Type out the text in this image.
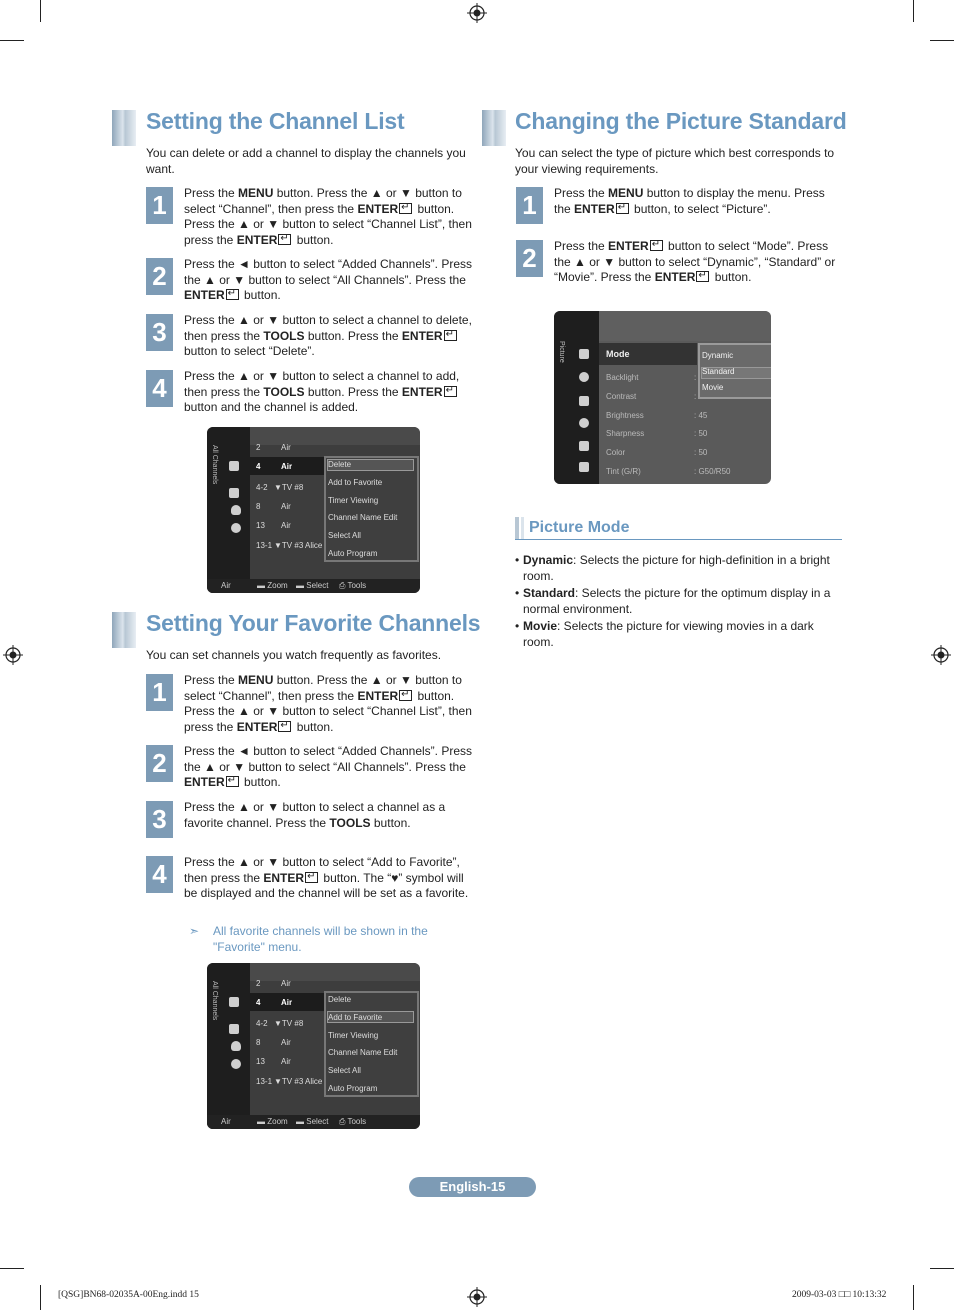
Setting the Channel List
You can delete or add a channel to display the channels you want.
1	Press the MENU button. Press the ▲ or ▼ button to select “Channel”, then press the ENTER↵ button. Press the ▲ or ▼ button to select “Channel List”, then press the ENTER↵ button.
2	Press the ◄ button to select “Added Channels”. Press the ▲ or ▼ button to select “All Channels”. Press the ENTER↵ button.
3	Press the ▲ or ▼ button to select a channel to delete, then press the TOOLS button. Press the ENTER↵ button to select “Delete”.
4	Press the ▲ or ▼ button to select a channel to add, then press the TOOLS button. Press the ENTER↵ button and the channel is added.
All Channels	2	Air
4	Air
4-2 ▼TV #8
8	Air
13 Air
13-1 ▼TV #3 Alice
Delete
Add to Favorite
Timer Viewing
Channel Name Edit
Select All
Auto Program
Air	▬ Zoom ▬ Select ⎙ Tools
Setting Your Favorite Channels
You can set channels you watch frequently as favorites.
1	Press the MENU button. Press the ▲ or ▼ button to select “Channel”, then press the ENTER↵ button. Press the ▲ or ▼ button to select “Channel List”, then press the ENTER↵ button.
2	Press the ◄ button to select “Added Channels”. Press the ▲ or ▼ button to select “All Channels”. Press the ENTER↵ button.
3	Press the ▲ or ▼ button to select a channel as a favorite channel. Press the TOOLS button.
4	Press the ▲ or ▼ button to select “Add to Favorite”, then press the ENTER↵ button. The “♥” symbol will be displayed and the channel will be set as a favorite.
➣ All favorite channels will be shown in the "Favorite" menu.
All Channels	2	Air
4	Air
4-2 ▼TV #8
8	Air
13 Air
13-1 ▼TV #3 Alice
Delete
Add to Favorite
Timer Viewing
Channel Name Edit
Select All
Auto Program
Air	▬ Zoom ▬ Select ⎙ Tools
Changing the Picture Standard
You can select the type of picture which best corresponds to your viewing requirements.
1	Press the MENU button to display the menu. Press the ENTER↵ button, to select “Picture”.
2	Press the ENTER↵ button to select “Mode”. Press the ▲ or ▼ button to select “Dynamic”, “Standard” or “Movie”. Press the ENTER↵ button.
Picture	Mode
Backlight	:
Contrast	:
Brightness	: 45
Sharpness	: 50
Color	: 50
Tint (G/R)	: G50/R50
Dynamic
Standard
Movie
Picture Mode
• Dynamic: Selects the picture for high-definition in a bright room.
• Standard: Selects the picture for the optimum display in a normal environment.
• Movie: Selects the picture for viewing movies in a dark room.
English-15
[QSG]BN68-02035A-00Eng.indd 15	2009-03-03 □□ 10:13:32
